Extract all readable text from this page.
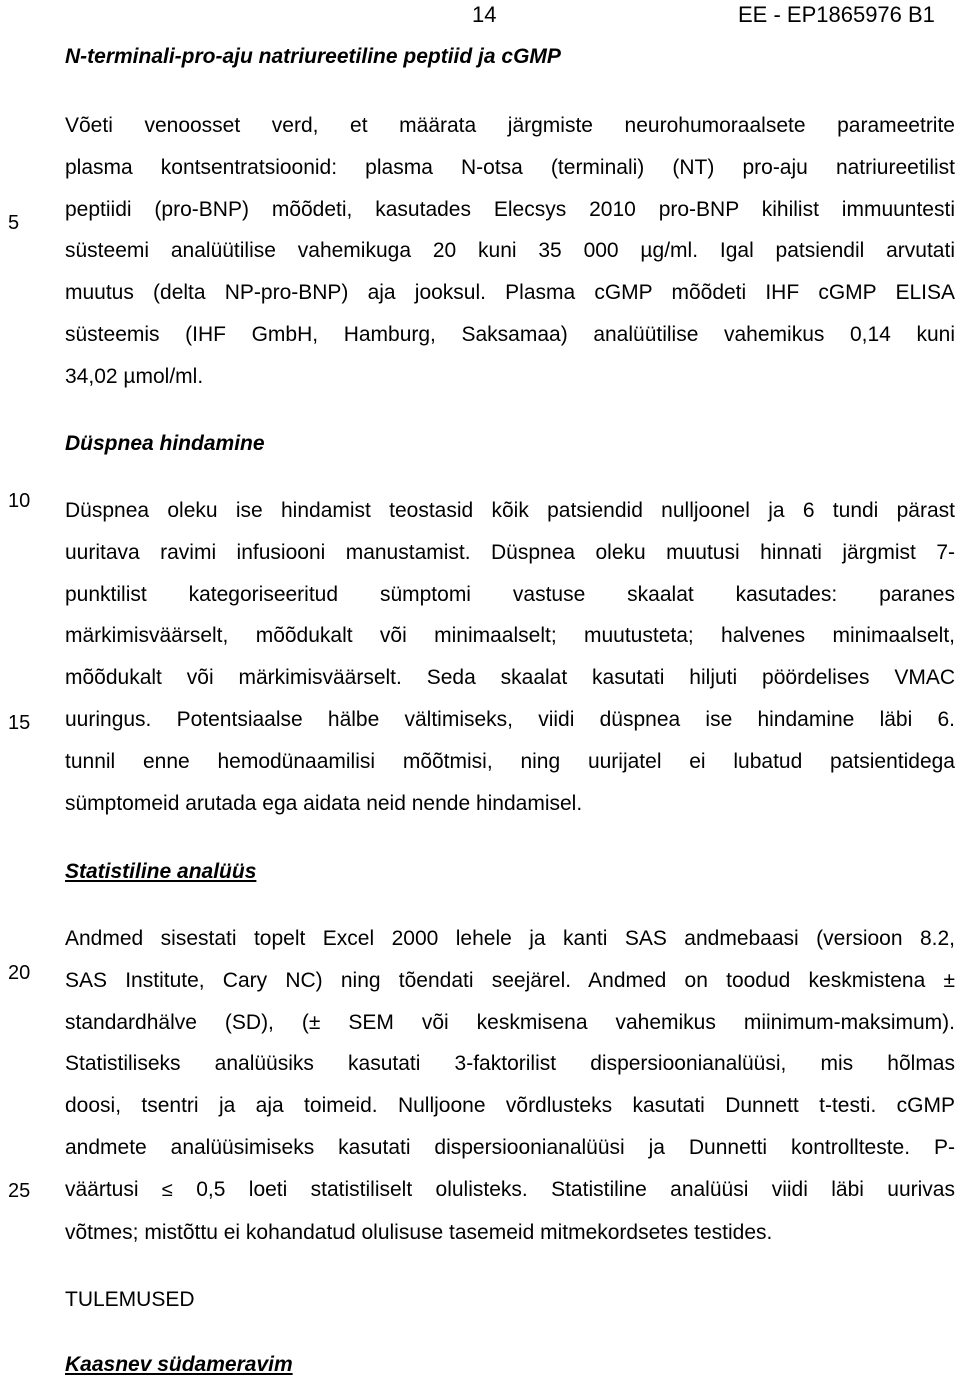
14	EE - EP1865976 B1
5
10
15
20
25
N-terminali-pro-aju natriureetiline peptiid ja cGMP
Võeti venoosset verd, et määrata järgmiste neurohumoraalsete parameetrite
plasma kontsentratsioonid: plasma N-otsa (terminali) (NT) pro-aju natriureetilist
peptiidi (pro-BNP) mõõdeti, kasutades Elecsys 2010 pro-BNP kihilist immuuntesti
süsteemi analüütilise vahemikuga 20 kuni 35 000 µg/ml. Igal patsiendil arvutati
muutus (delta NP-pro-BNP) aja jooksul. Plasma cGMP mõõdeti IHF cGMP ELISA
süsteemis (IHF GmbH, Hamburg, Saksamaa) analüütilise vahemikus 0,14 kuni
34,02 µmol/ml.
Düspnea hindamine
Düspnea oleku ise hindamist teostasid kõik patsiendid nulljoonel ja 6 tundi pärast
uuritava ravimi infusiooni manustamist. Düspnea oleku muutusi hinnati järgmist 7-
punktilist kategoriseeritud sümptomi vastuse skaalat kasutades: paranes
märkimisväärselt, mõõdukalt või minimaalselt; muutusteta; halvenes minimaalselt,
mõõdukalt või märkimisväärselt. Seda skaalat kasutati hiljuti pöördelises VMAC
uuringus. Potentsiaalse hälbe vältimiseks, viidi düspnea ise hindamine läbi 6.
tunnil enne hemodünaamilisi mõõtmisi, ning uurijatel ei lubatud patsientidega
sümptomeid arutada ega aidata neid nende hindamisel.
Statistiline analüüs
Andmed sisestati topelt Excel 2000 lehele ja kanti SAS andmebaasi (versioon 8.2,
SAS Institute, Cary NC) ning tõendati seejärel. Andmed on toodud keskmistena ±
standardhälve (SD), (± SEM või keskmisena vahemikus miinimum-maksimum).
Statistiliseks analüüsiks kasutati 3-faktorilist dispersioonianalüüsi, mis hõlmas
doosi, tsentri ja aja toimeid. Nulljoone võrdlusteks kasutati Dunnett t-testi. cGMP
andmete analüüsimiseks kasutati dispersioonianalüüsi ja Dunnetti kontrollteste. P-
väärtusi ≤ 0,5 loeti statistiliselt olulisteks. Statistiline analüüsi viidi läbi uurivas
võtmes; mistõttu ei kohandatud olulisuse tasemeid mitmekordsetes testides.
TULEMUSED
Kaasnev südameravim
